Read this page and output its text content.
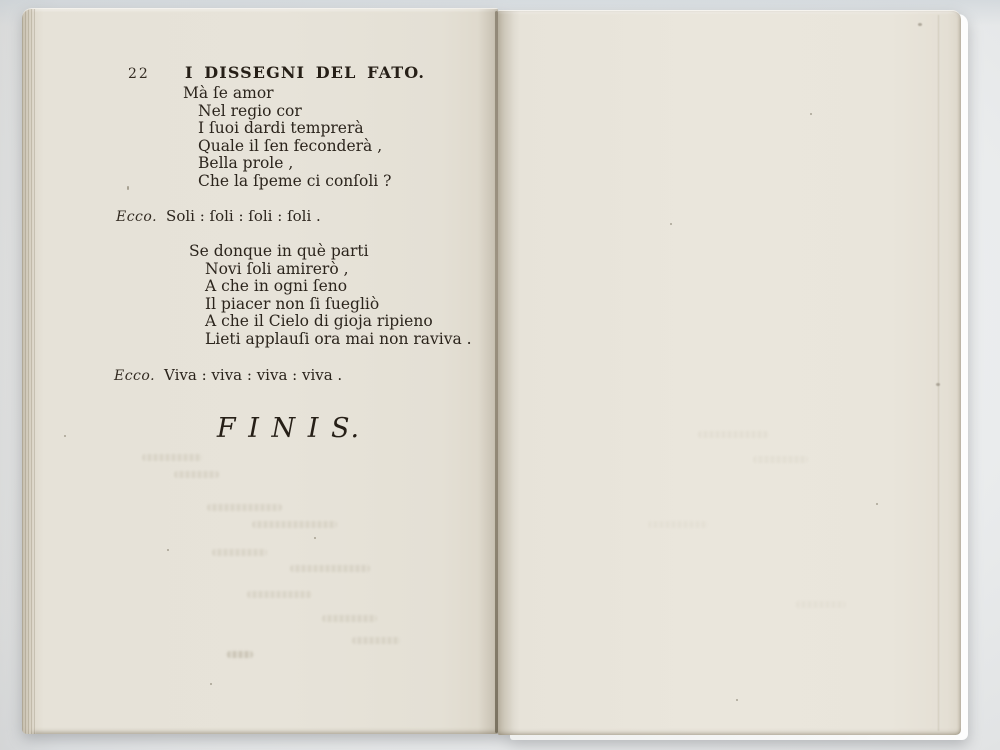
22 I DISSEGNI DEL FATO.
Mà ſe amor
Nel regio cor
I ſuoi dardi temprerà
Quale il ſen feconderà ,
Bella prole ,
Che la ſpeme ci conſoli ?
Ecco. Soli : ſoli : ſoli : ſoli .
Se donque in què parti
Novi ſoli amirerò ,
A che in ogni ſeno
Il piacer non ſi ſuegliò
A che il Cielo di gioja ripieno
Lieti applauſi ora mai non raviva .
Ecco. Viva : viva : viva : viva .
F I N I S.
